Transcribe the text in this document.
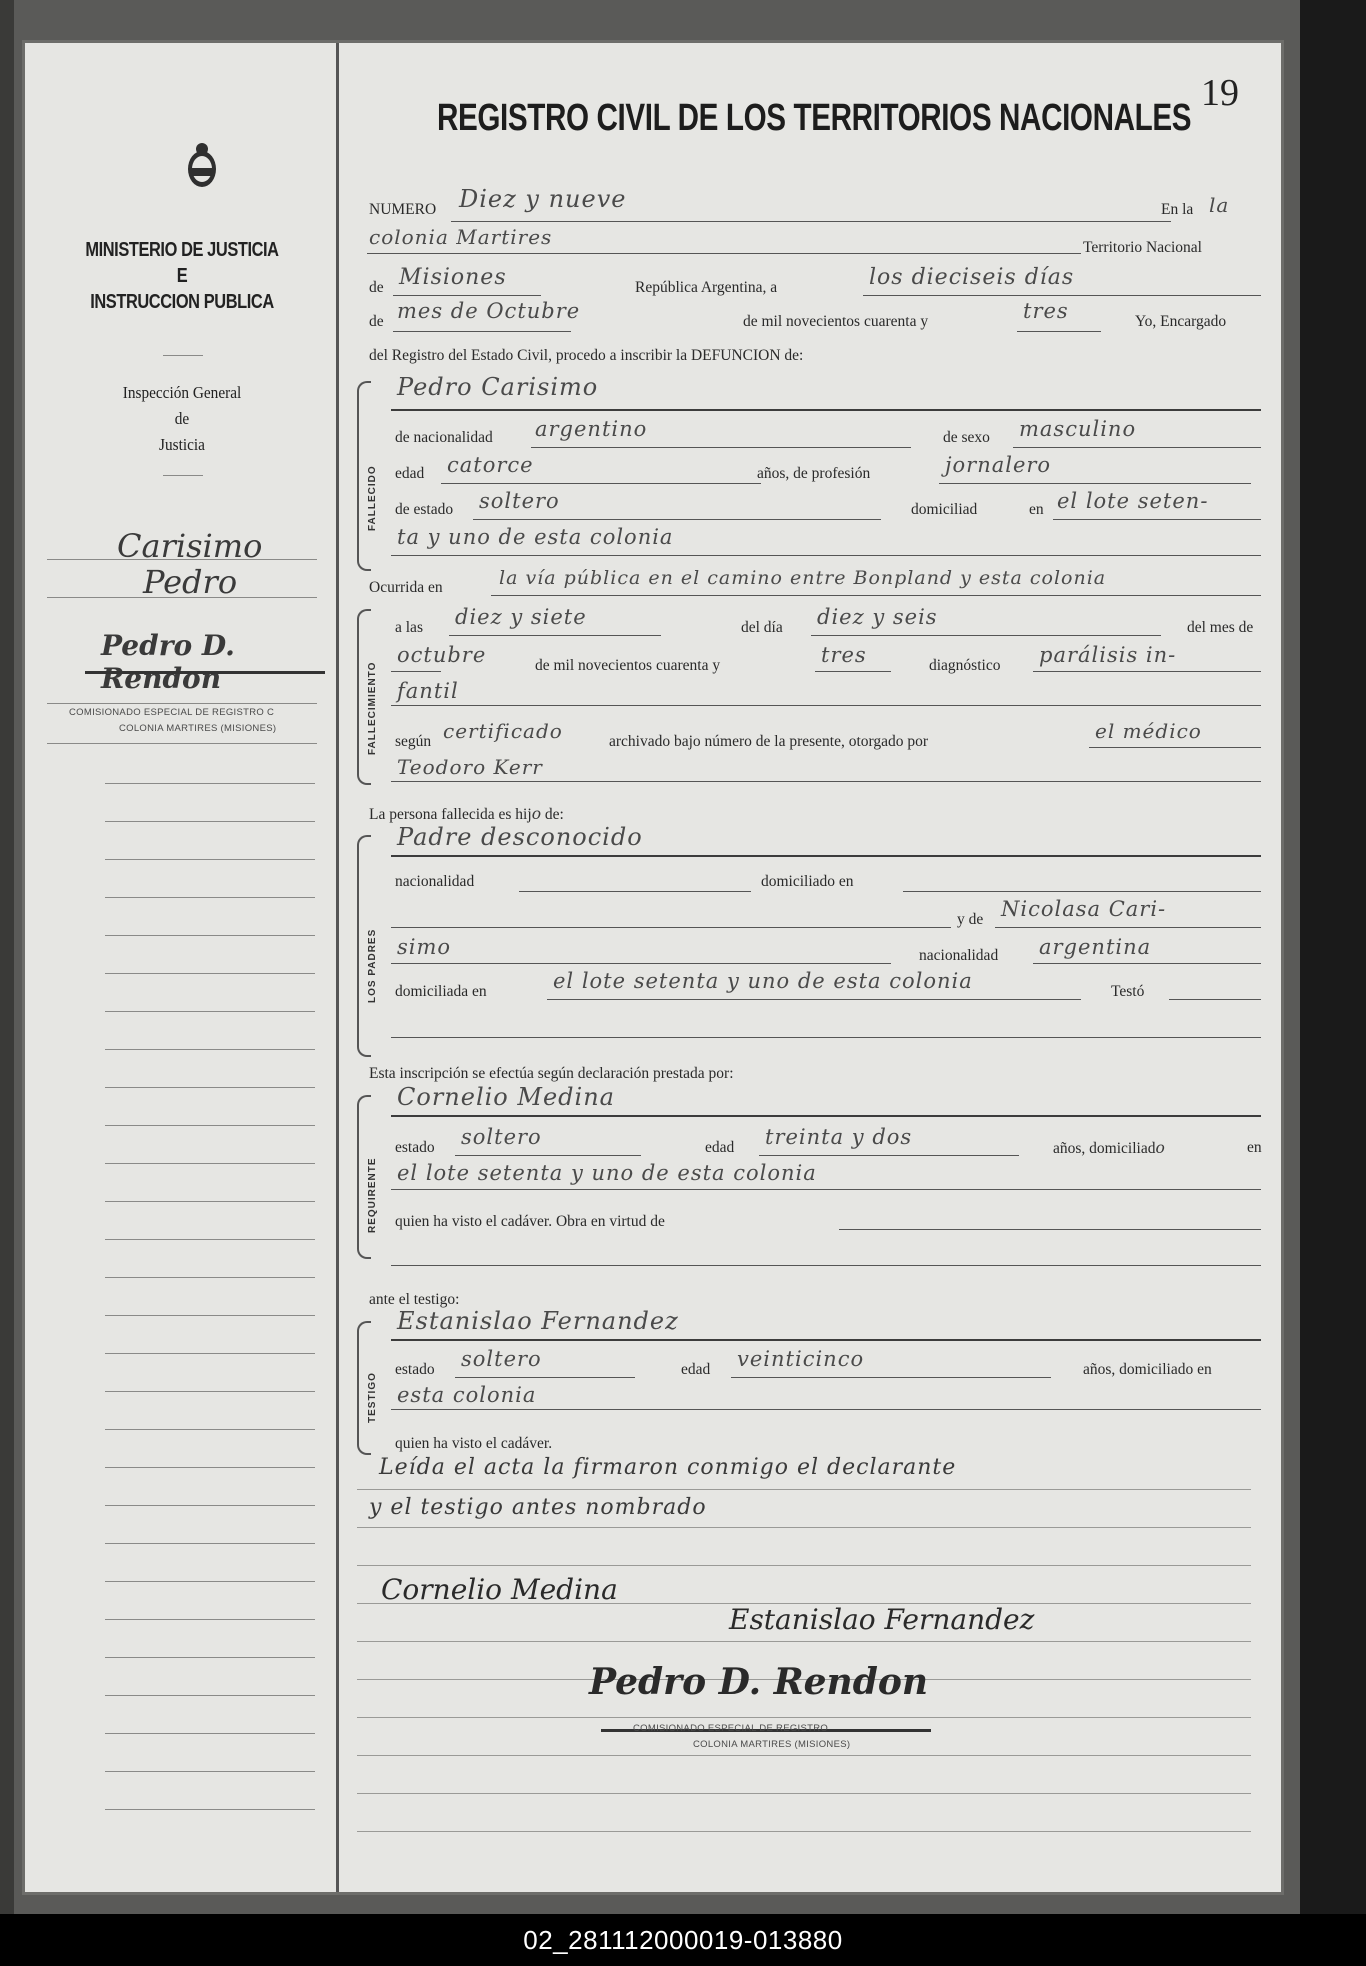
MINISTERIO DE JUSTICIA
E
INSTRUCCION PUBLICA
Inspección General
de
Justicia
Carisimo
Pedro
Pedro D. Rendon
COMISIONADO ESPECIAL DE REGISTRO C
COLONIA MARTIRES (MISIONES)
19
REGISTRO CIVIL DE LOS TERRITORIOS NACIONALES
NUMERO Diez y nueve	En la la
colonia Martires	Territorio Nacional
de Misiones	República Argentina, a	los dieciseis días
de mes de Octubre	de mil novecientos cuarenta y	tres	Yo, Encargado
del Registro del Estado Civil, procedo a inscribir la DEFUNCION de:
FALLECIDO
Pedro Carisimo
de nacionalidad argentino	de sexo masculino
edad catorce	años, de profesión	jornalero
de estado soltero	domiciliad	en el lote seten-
ta y uno de esta colonia
Ocurrida en	la vía pública en el camino entre Bonpland y esta colonia
FALLECIMIENTO
a las diez y siete	del día diez y seis	del mes de
octubre	de mil novecientos cuarenta y	tres	diagnóstico parálisis in-
fantil
según certificado	archivado bajo número de la presente, otorgado por	el médico
Teodoro Kerr
La persona fallecida es hijo de:
LOS PADRES
Padre desconocido
nacionalidad	domiciliado en
y de Nicolasa Cari-
simo	nacionalidad argentina
domiciliada en	el lote setenta y uno de esta colonia	Testó
Esta inscripción se efectúa según declaración prestada por:
REQUIRENTE
Cornelio Medina
estado soltero	edad treinta y dos	años, domiciliado	en
el lote setenta y uno de esta colonia
quien ha visto el cadáver. Obra en virtud de
ante el testigo:
TESTIGO
Estanislao Fernandez
estado soltero	edad veinticinco	años, domiciliado en
esta colonia
quien ha visto el cadáver.
Leída el acta la firmaron conmigo el declarante
y el testigo antes nombrado
Cornelio Medina
Estanislao Fernandez
Pedro D. Rendon
COMISIONADO ESPECIAL DE REGISTRO
COLONIA MARTIRES (MISIONES)
02_281112000019-013880
